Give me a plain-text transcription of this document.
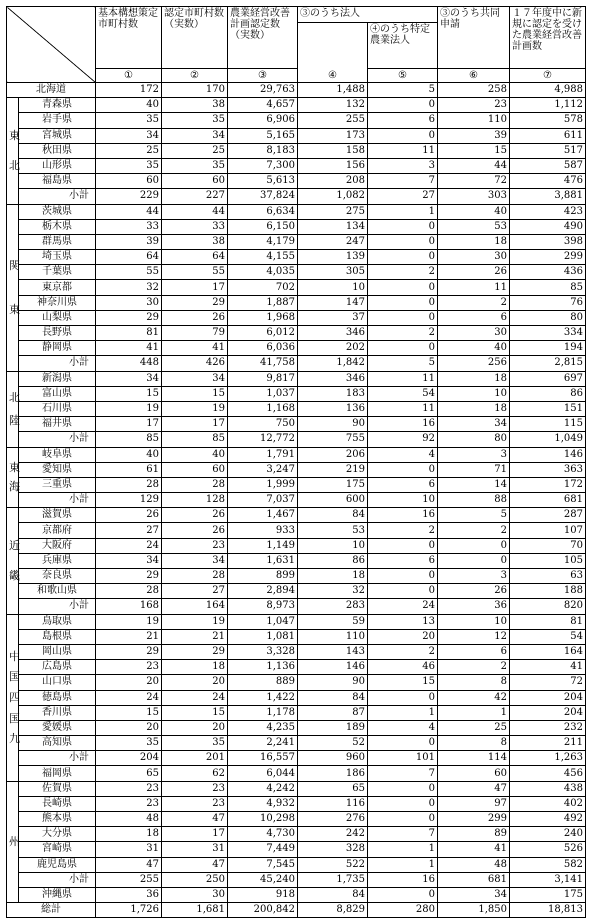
		基本構想策定市町村数	認定市町村数（実数）	農業経営改善計画認定数（実数）	③のうち法人		③のうち共同申請	１７年度中に新規に認定を受けた農業経営改善計画数
						④のうち特定農業法人		
		①	②	③	④	⑤	⑥	⑦
北海道		172	170	29,763	1,488	5	258	4,988

東
北	青森県	40	38	4,657	132	0	23	1,112
	岩手県	35	35	6,906	255	6	110	578
	宮城県	34	34	5,165	173	0	39	611
	秋田県	25	25	8,183	158	11	15	517
	山形県	35	35	7,300	156	3	44	587
	福島県	60	60	5,613	208	7	72	476
	小計	229	227	37,824	1,082	27	303	3,881

関
東	茨城県	44	44	6,634	275	1	40	423
	栃木県	33	33	6,150	134	0	53	490
	群馬県	39	38	4,179	247	0	18	398
	埼玉県	64	64	4,155	139	0	30	299
	千葉県	55	55	4,035	305	2	26	436
	東京都	32	17	702	10	0	11	85
	神奈川県	30	29	1,887	147	0	2	76
	山梨県	29	26	1,968	37	0	6	80
	長野県	81	79	6,012	346	2	30	334
	静岡県	41	41	6,036	202	0	40	194
	小計	448	426	41,758	1,842	5	256	2,815

北
陸	新潟県	34	34	9,817	346	11	18	697
	富山県	15	15	1,037	183	54	10	86
	石川県	19	19	1,168	136	11	18	151
	福井県	17	17	750	90	16	34	115
	小計	85	85	12,772	755	92	80	1,049

東
海	岐阜県	40	40	1,791	206	4	3	146
	愛知県	61	60	3,247	219	0	71	363
	三重県	28	28	1,999	175	6	14	172
	小計	129	128	7,037	600	10	88	681

近
畿	滋賀県	26	26	1,467	84	16	5	287
	京都府	27	26	933	53	2	2	107
	大阪府	24	23	1,149	10	0	0	70
	兵庫県	34	34	1,631	86	6	0	105
	奈良県	29	28	899	18	0	3	63
	和歌山県	28	27	2,894	32	0	26	188
	小計	168	164	8,973	283	24	36	820

中
国
四
国
九	鳥取県	19	19	1,047	59	13	10	81
	島根県	21	21	1,081	110	20	12	54
	岡山県	29	29	3,328	143	2	6	164
	広島県	23	18	1,136	146	46	2	41
	山口県	20	20	889	90	15	8	72
	徳島県	24	24	1,422	84	0	42	204
	香川県	15	15	1,178	87	1	1	204
	愛媛県	20	20	4,235	189	4	25	232
	高知県	35	35	2,241	52	0	8	211
	小計	204	201	16,557	960	101	114	1,263
	福岡県	65	62	6,044	186	7	60	456

州	佐賀県	23	23	4,242	65	0	47	438
	長崎県	23	23	4,932	116	0	97	402
	熊本県	48	47	10,298	276	0	299	492
	大分県	18	17	4,730	242	7	89	240
	宮崎県	31	31	7,449	328	1	41	526
	鹿児島県	47	47	7,545	522	1	48	582
	小計	255	250	45,240	1,735	16	681	3,141
	沖縄県	36	30	918	84	0	34	175
総計		1,726	1,681	200,842	8,829	280	1,850	18,813
